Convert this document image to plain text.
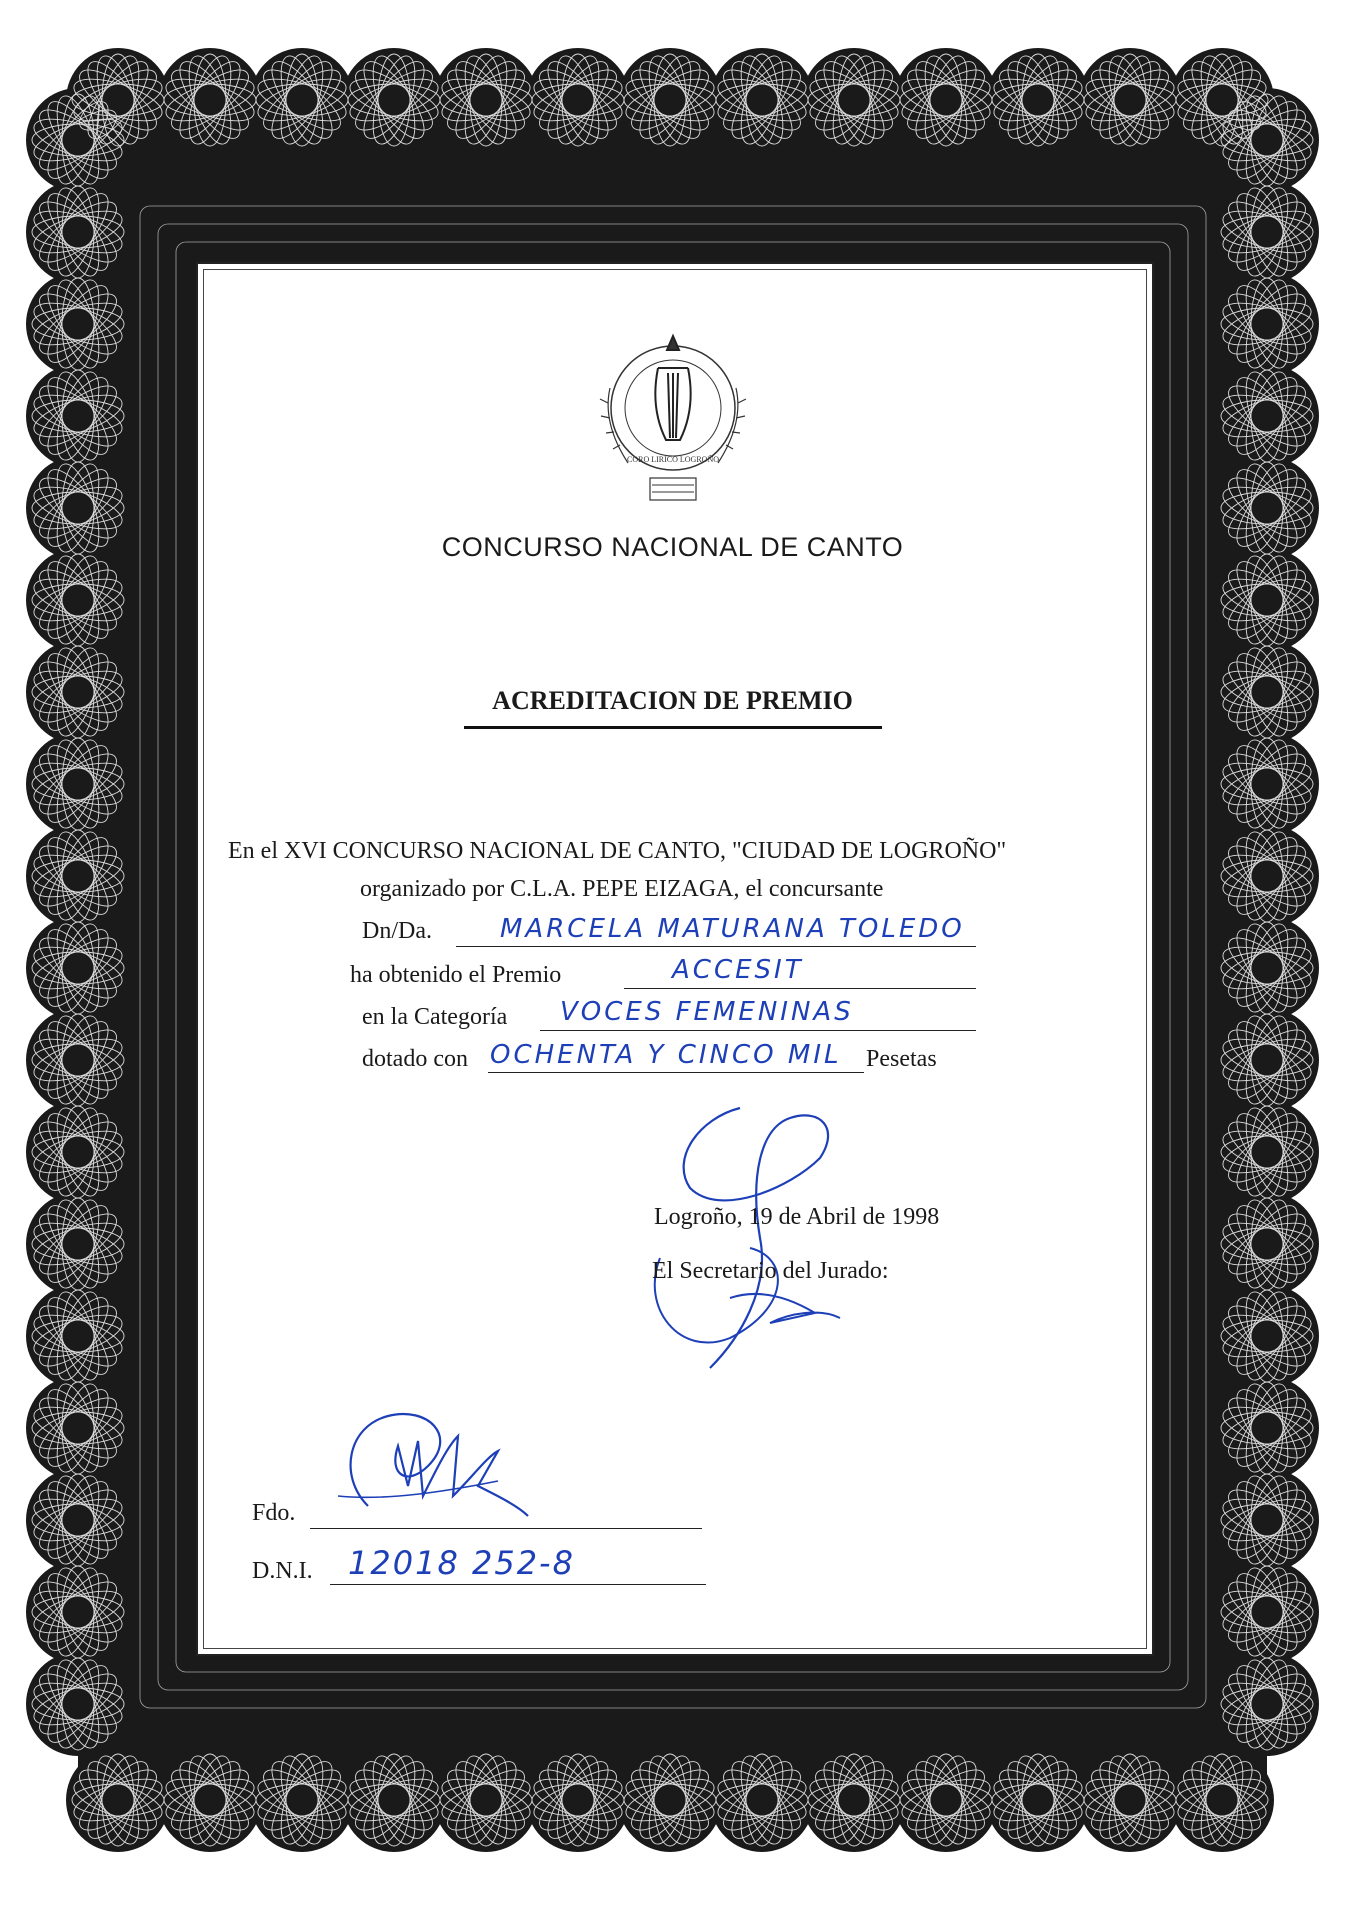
CORO LIRICO LOGROÑO
CONCURSO NACIONAL DE CANTO
ACREDITACION DE PREMIO
En el XVI CONCURSO NACIONAL DE CANTO, "CIUDAD DE LOGROÑO"
organizado por C.L.A. PEPE EIZAGA, el concursante
Dn/Da.	MARCELA MATURANA TOLEDO
ha obtenido el Premio	ACCESIT
en la Categoría VOCES FEMENINAS
dotado con OCHENTA Y CINCO MIL Pesetas
Logroño, 19 de Abril de 1998
El Secretario del Jurado:
Fdo.
D.N.I. 12018 252-8
